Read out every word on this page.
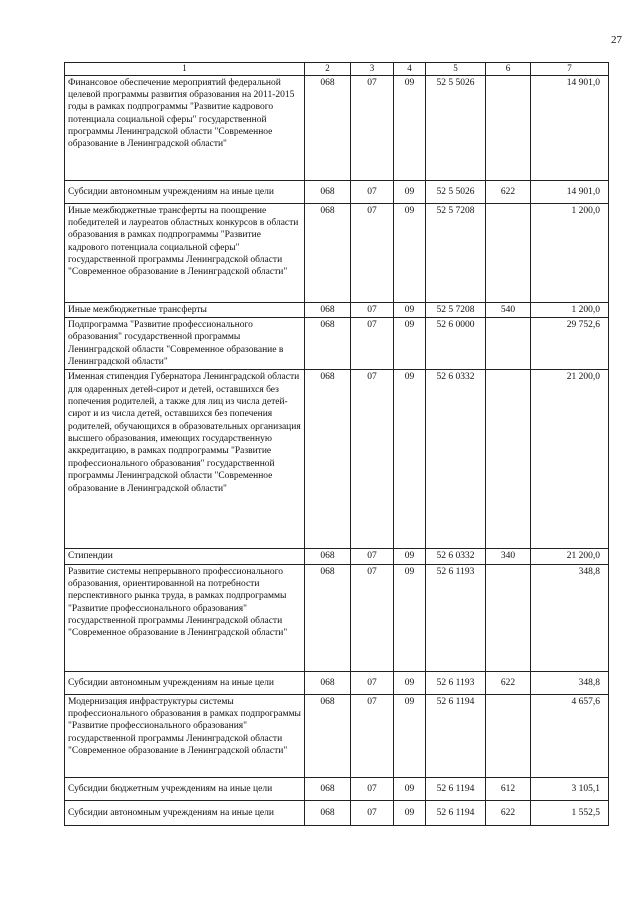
27
1	2	3	4	5	6	7
Финансовое обеспечение мероприятий федеральной целевой программы развития образования на 2011-2015 годы в рамках подпрограммы "Развитие кадрового потенциала социальной сферы" государственной программы Ленинградской области "Современное образование в Ленинградской области"	068	07	09	52 5 5026		14 901,0
Субсидии автономным учреждениям на иные цели	068	07	09	52 5 5026	622	14 901,0
Иные межбюджетные трансферты на поощрение победителей и лауреатов областных конкурсов в области образования в рамках подпрограммы "Развитие кадрового потенциала социальной сферы" государственной программы Ленинградской области "Современное образование в Ленинградской области"	068	07	09	52 5 7208		1 200,0
Иные межбюджетные трансферты	068	07	09	52 5 7208	540	1 200,0
Подпрограмма "Развитие профессионального образования" государственной программы Ленинградской области "Современное образование в Ленинградской области"	068	07	09	52 6 0000		29 752,6
Именная стипендия Губернатора Ленинградской области для одаренных детей-сирот и детей, оставшихся без попечения родителей, а также для лиц из числа детей-сирот и из числа детей, оставшихся без попечения родителей, обучающихся в образовательных организация высшего образования, имеющих государственную аккредитацию, в рамках подпрограммы "Развитие профессионального образования" государственной программы Ленинградской области "Современное образование в Ленинградской области"	068	07	09	52 6 0332		21 200,0
Стипендии	068	07	09	52 6 0332	340	21 200,0
Развитие системы непрерывного профессионального образования, ориентированной на потребности перспективного рынка труда, в рамках подпрограммы "Развитие профессионального образования" государственной программы Ленинградской области "Современное образование в Ленинградской области"	068	07	09	52 6 1193		348,8
Субсидии автономным учреждениям на иные цели	068	07	09	52 6 1193	622	348,8
Модернизация инфраструктуры системы профессионального образования в рамках подпрограммы "Развитие профессионального образования" государственной программы Ленинградской области "Современное образование в Ленинградской области"	068	07	09	52 6 1194		4 657,6
Субсидии бюджетным учреждениям на иные цели	068	07	09	52 6 1194	612	3 105,1
Субсидии автономным учреждениям на иные цели	068	07	09	52 6 1194	622	1 552,5
